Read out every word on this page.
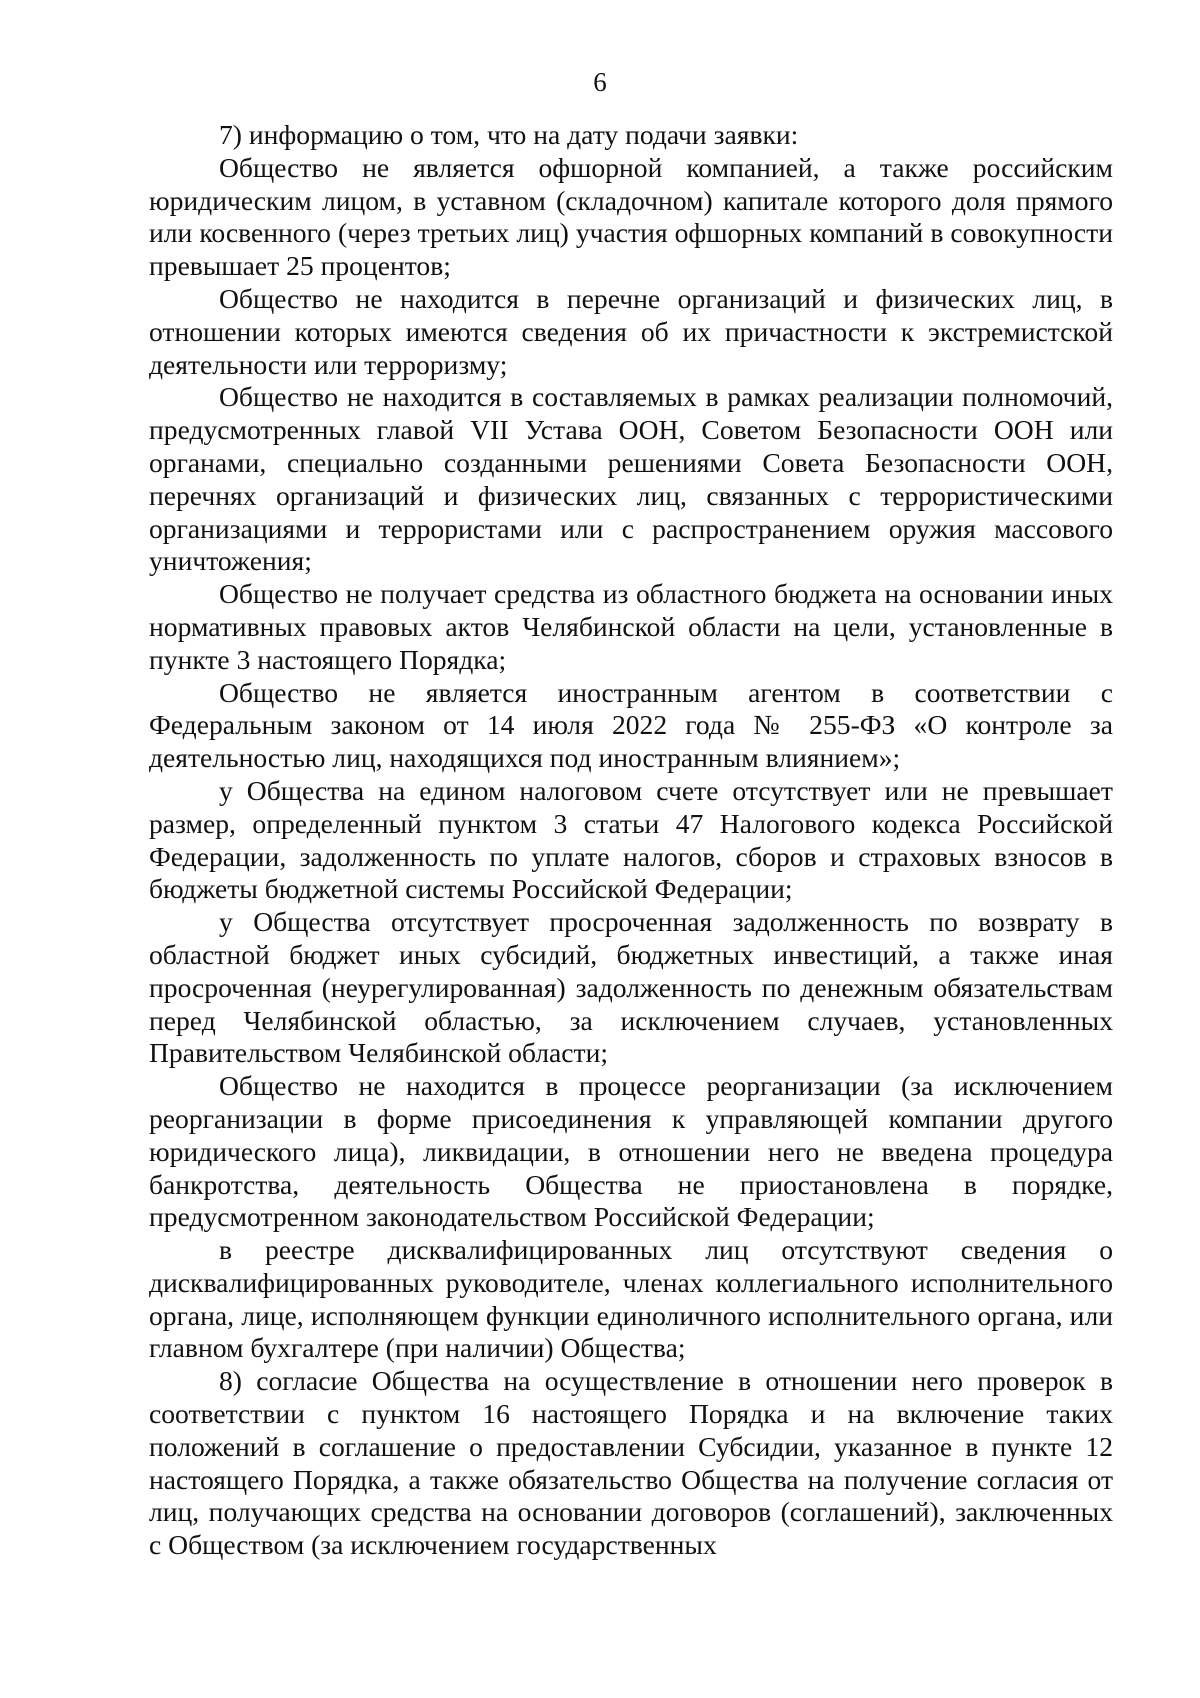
6

7) информацию о том, что на дату подачи заявки:

Общество не является офшорной компанией, а также российским юридическим лицом, в уставном (складочном) капитале которого доля прямого или косвенного (через третьих лиц) участия офшорных компаний в совокупности превышает 25 процентов;

Общество не находится в перечне организаций и физических лиц, в отношении которых имеются сведения об их причастности к экстремистской деятельности или терроризму;

Общество не находится в составляемых в рамках реализации полномочий, предусмотренных главой VII Устава ООН, Советом Безопасности ООН или органами, специально созданными решениями Совета Безопасности ООН, перечнях организаций и физических лиц, связанных с террористическими организациями и террористами или с распространением оружия массового уничтожения;

Общество не получает средства из областного бюджета на основании иных нормативных правовых актов Челябинской области на цели, установленные в пункте 3 настоящего Порядка;

Общество не является иностранным агентом в соответствии с Федеральным законом от 14 июля 2022 года № 255-ФЗ «О контроле за деятельностью лиц, находящихся под иностранным влиянием»;

у Общества на едином налоговом счете отсутствует или не превышает размер, определенный пунктом 3 статьи 47 Налогового кодекса Российской Федерации, задолженность по уплате налогов, сборов и страховых взносов в бюджеты бюджетной системы Российской Федерации;

у Общества отсутствует просроченная задолженность по возврату в областной бюджет иных субсидий, бюджетных инвестиций, а также иная просроченная (неурегулированная) задолженность по денежным обязательствам перед Челябинской областью, за исключением случаев, установленных Правительством Челябинской области;

Общество не находится в процессе реорганизации (за исключением реорганизации в форме присоединения к управляющей компании другого юридического лица), ликвидации, в отношении него не введена процедура банкротства, деятельность Общества не приостановлена в порядке, предусмотренном законодательством Российской Федерации;

в реестре дисквалифицированных лиц отсутствуют сведения о дисквалифицированных руководителе, членах коллегиального исполнительного органа, лице, исполняющем функции единоличного исполнительного органа, или главном бухгалтере (при наличии) Общества;

8) согласие Общества на осуществление в отношении него проверок в соответствии с пунктом 16 настоящего Порядка и на включение таких положений в соглашение о предоставлении Субсидии, указанное в пункте 12 настоящего Порядка, а также обязательство Общества на получение согласия от лиц, получающих средства на основании договоров (соглашений), заключенных с Обществом (за исключением государственных
